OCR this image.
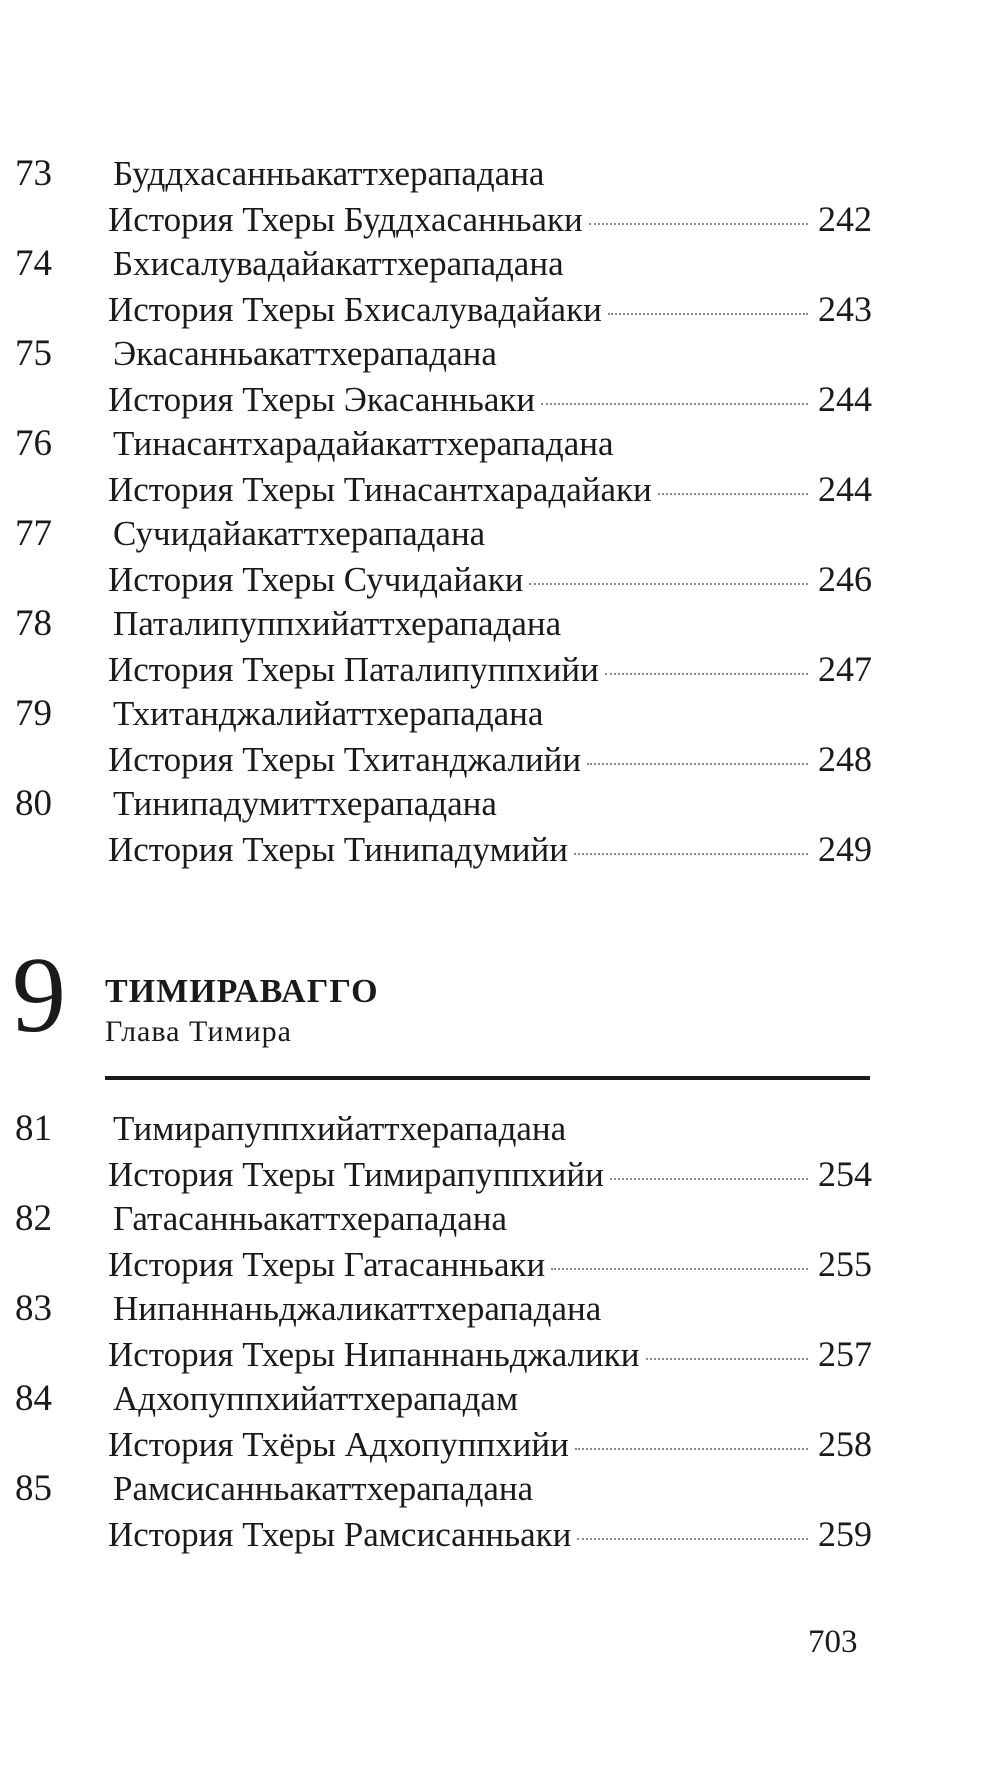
73 Буддхасанньакаттхерападана
История Тхеры Буддхасанньаки	242
74 Бхисалувадайакаттхерападана
История Тхеры Бхисалувадайаки	243
75 Экасанньакаттхерападана
История Тхеры Экасанньаки	244
76 Тинасантхарадайакаттхерападана
История Тхеры Тинасантхарадайаки	244
77 Сучидайакаттхерападана
История Тхеры Сучидайаки	246
78 Паталипуппхийаттхерападана
История Тхеры Паталипуппхийи	247
79 Тхитанджалийаттхерападана
История Тхеры Тхитанджалийи	248
80 Тинипадумиттхерападана
История Тхеры Тинипадумийи	249
9 ТИМИРАВАГГО
Глава Тимира
81 Тимирапуппхийаттхерападана
История Тхеры Тимирапуппхийи	254
82 Гатасанньакаттхерападана
История Тхеры Гатасанньаки	255
83 Нипаннаньджаликаттхерападана
История Тхеры Нипаннаньджалики	257
84 Адхопуппхийаттхерападам
История Тхёры Адхопуппхийи	258
85 Рамсисанньакаттхерападана
История Тхеры Рамсисанньаки	259
703
